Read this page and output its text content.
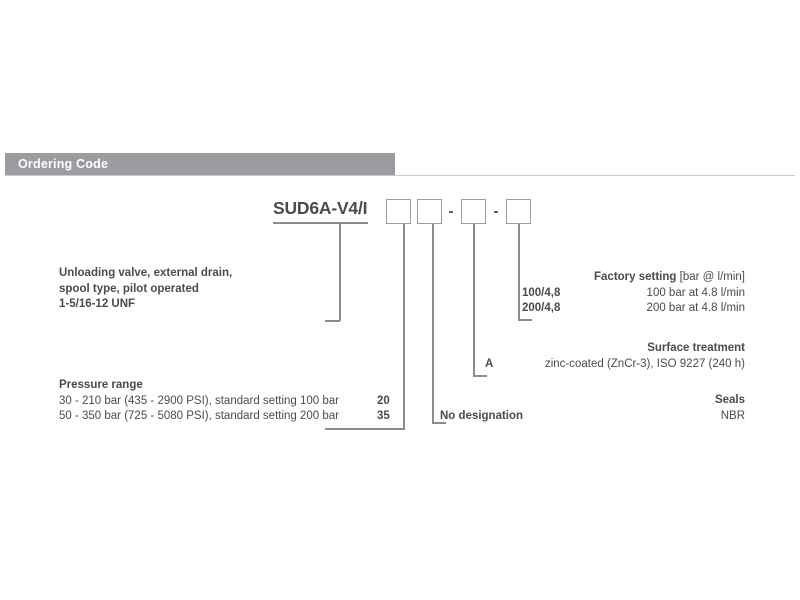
Ordering Code
SUD6A-V4/I	-	-
Unloading valve, external drain,
spool type, pilot operated
1-5/16-12 UNF
Pressure range
30 - 210 bar (435 - 2900 PSI), standard setting 100 bar	20
50 - 350 bar (725 - 5080 PSI), standard setting 200 bar	35
Factory setting [bar @ l/min]
100/4,8	100 bar at 4.8 l/min
200/4,8	200 bar at 4.8 l/min
Surface treatment
A	zinc-coated (ZnCr-3), ISO 9227 (240 h)
Seals
No designation	NBR
